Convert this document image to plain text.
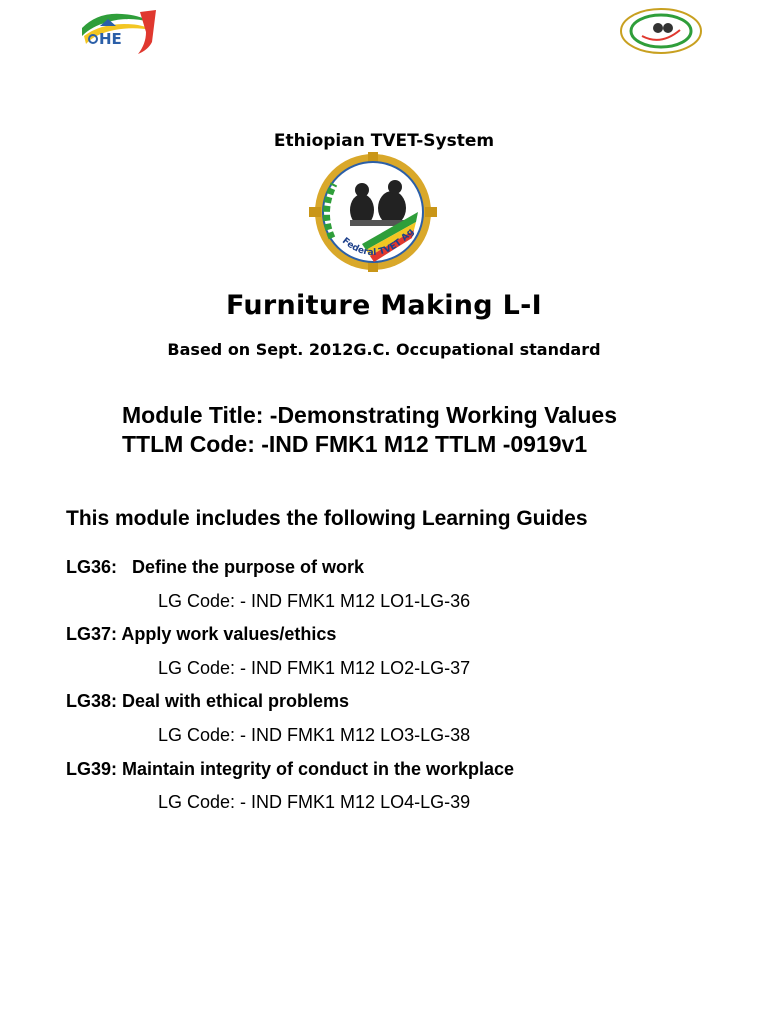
HE
Ethiopian TVET-System
Federal TVET Ag
Furniture Making L-I
Based on Sept. 2012G.C. Occupational standard
Module Title: -Demonstrating Working Values
TTLM Code: -IND FMK1 M12 TTLM -0919v1
This module includes the following Learning Guides
LG36:   Define the purpose of work
LG Code: - IND FMK1 M12 LO1-LG-36
LG37: Apply work values/ethics
LG Code: - IND FMK1 M12 LO2-LG-37
LG38: Deal with ethical problems
LG Code: - IND FMK1 M12 LO3-LG-38
LG39: Maintain integrity of conduct in the workplace
LG Code: - IND FMK1 M12 LO4-LG-39
